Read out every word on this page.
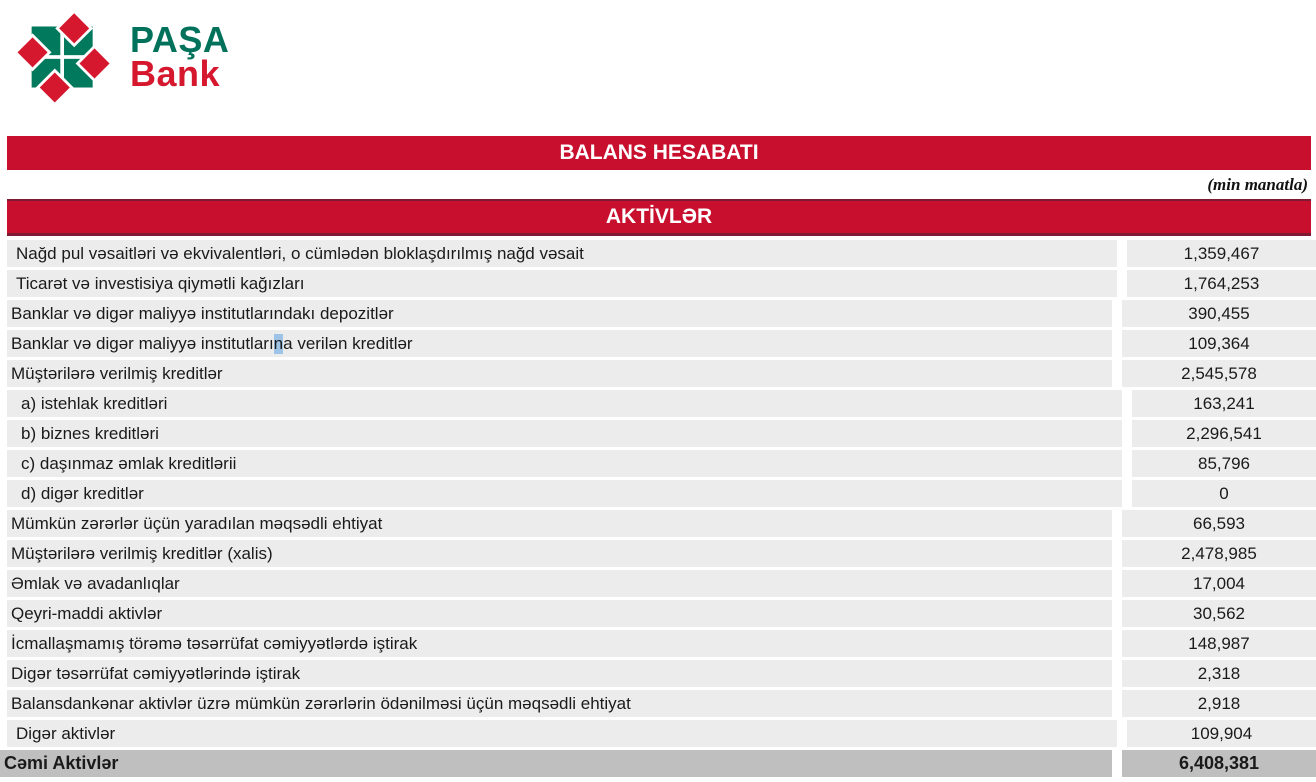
PAŞA
Bank
BALANS HESABATI
(min manatla)
AKTİVLƏR
Nağd pul vəsaitləri və ekvivalentləri, o cümlədən bloklaşdırılmış nağd vəsait	1,359,467
Ticarət və investisiya qiymətli kağızları	1,764,253
Banklar və digər maliyyə institutlarındakı depozitlər	390,455
Banklar və digər maliyyə institutları n a verilən kreditlər	109,364
Müştərilərə verilmiş kreditlər	2,545,578
a) istehlak kreditləri	163,241
b) biznes kreditləri	2,296,541
c) daşınmaz əmlak kreditlərii	85,796
d) digər kreditlər	0
Mümkün zərərlər üçün yaradılan məqsədli ehtiyat	66,593
Müştərilərə verilmiş kreditlər (xalis)	2,478,985
Əmlak və avadanlıqlar	17,004
Qeyri-maddi aktivlər	30,562
İcmallaşmamış törəmə təsərrüfat cəmiyyətlərdə iştirak	148,987
Digər təsərrüfat cəmiyyətlərində iştirak	2,318
Balansdankənar aktivlər üzrə mümkün zərərlərin ödənilməsi üçün məqsədli ehtiyat	2,918
Digər aktivlər	109,904
Cəmi Aktivlər	6,408,381
